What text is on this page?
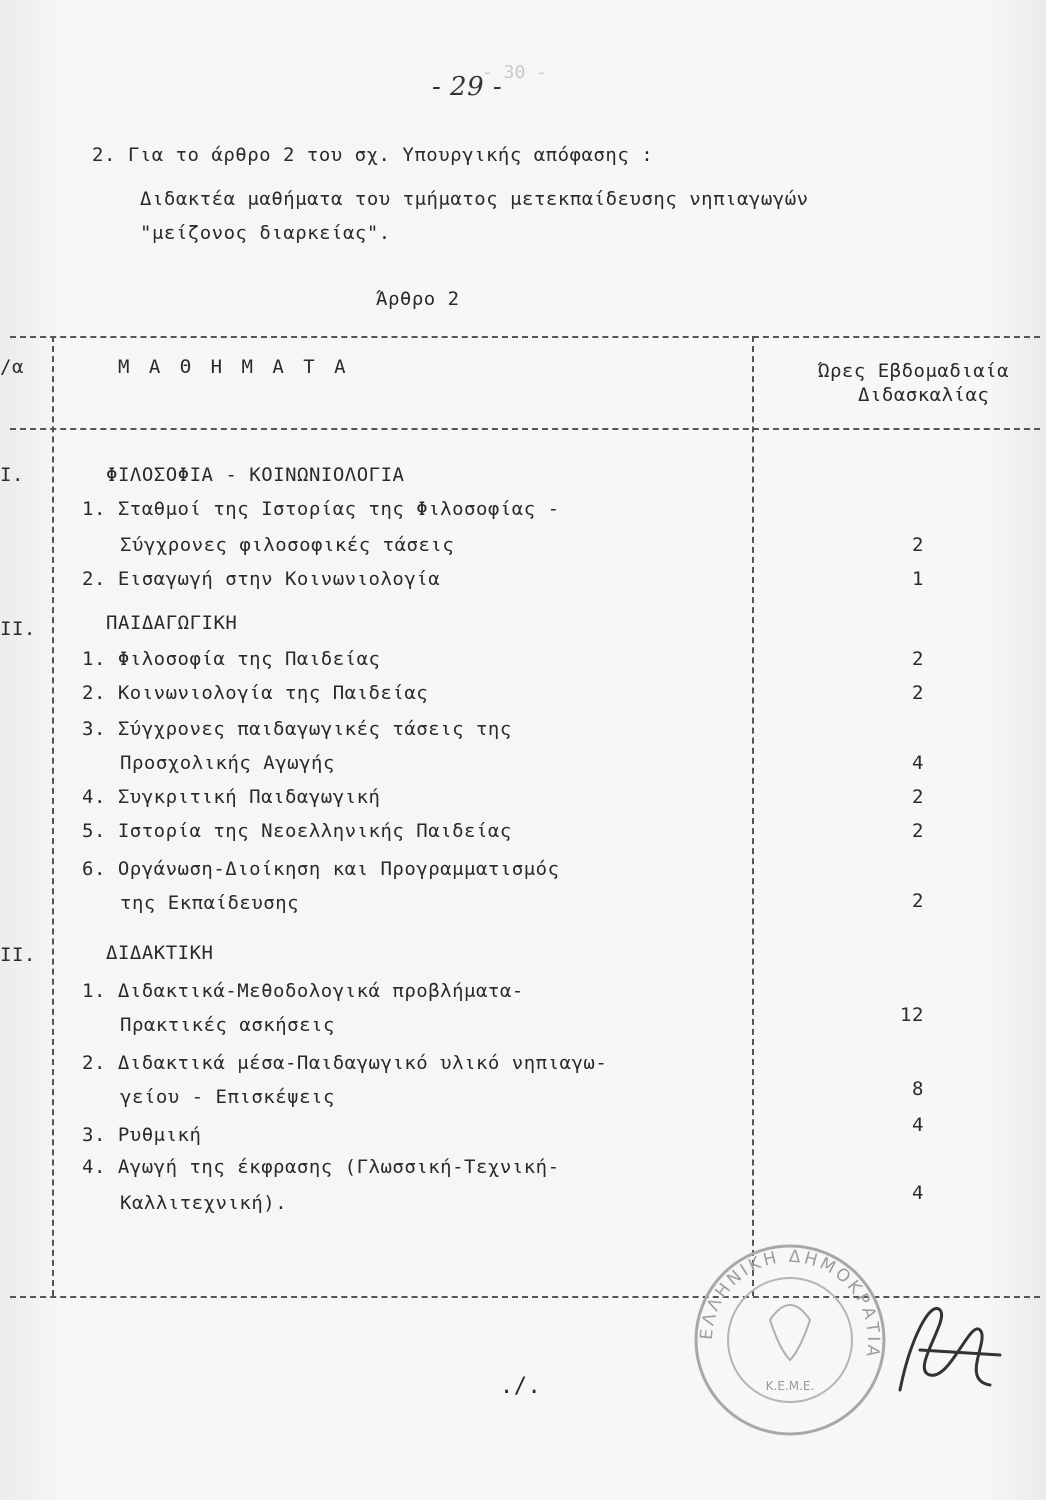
- 30 -
- 29 -
2. Για το άρθρο 2 του σχ. Υπουργικής απόφασης :
Διδακτέα μαθήματα του τμήματος μετεκπαίδευσης νηπιαγωγών
"μείζονος διαρκείας".
Άρθρο 2
/α	Μ Α Θ Η Μ Α Τ Α	Ώρες Εβδομαδιαία
Διδασκαλίας
I.	ΦΙΛΟΣΟΦΙΑ - ΚΟΙΝΩΝΙΟΛΟΓΙΑ
1. Σταθμοί της Ιστορίας της Φιλοσοφίας -
Σύγχρονες φιλοσοφικές τάσεις	2
2. Εισαγωγή στην Κοινωνιολογία	1
II.	ΠΑΙΔΑΓΩΓΙΚΗ
1. Φιλοσοφία της Παιδείας	2
2. Κοινωνιολογία της Παιδείας	2
3. Σύγχρονες παιδαγωγικές τάσεις της
Προσχολικής Αγωγής	4
4. Συγκριτική Παιδαγωγική	2
5. Ιστορία της Νεοελληνικής Παιδείας	2
6. Οργάνωση-Διοίκηση και Προγραμματισμός
της Εκπαίδευσης	2
II.	ΔΙΔΑΚΤΙΚΗ
1. Διδακτικά-Μεθοδολογικά προβλήματα-
Πρακτικές ασκήσεις	12
2. Διδακτικά μέσα-Παιδαγωγικό υλικό νηπιαγω-
γείου - Επισκέψεις	8
3. Ρυθμική	4
4. Αγωγή της έκφρασης (Γλωσσική-Τεχνική-
Καλλιτεχνική).	4
./.
ΕΛΛΗΝΙΚΗ ΔΗΜΟΚΡΑΤΙΑ
Κ.Ε.Μ.Ε.
